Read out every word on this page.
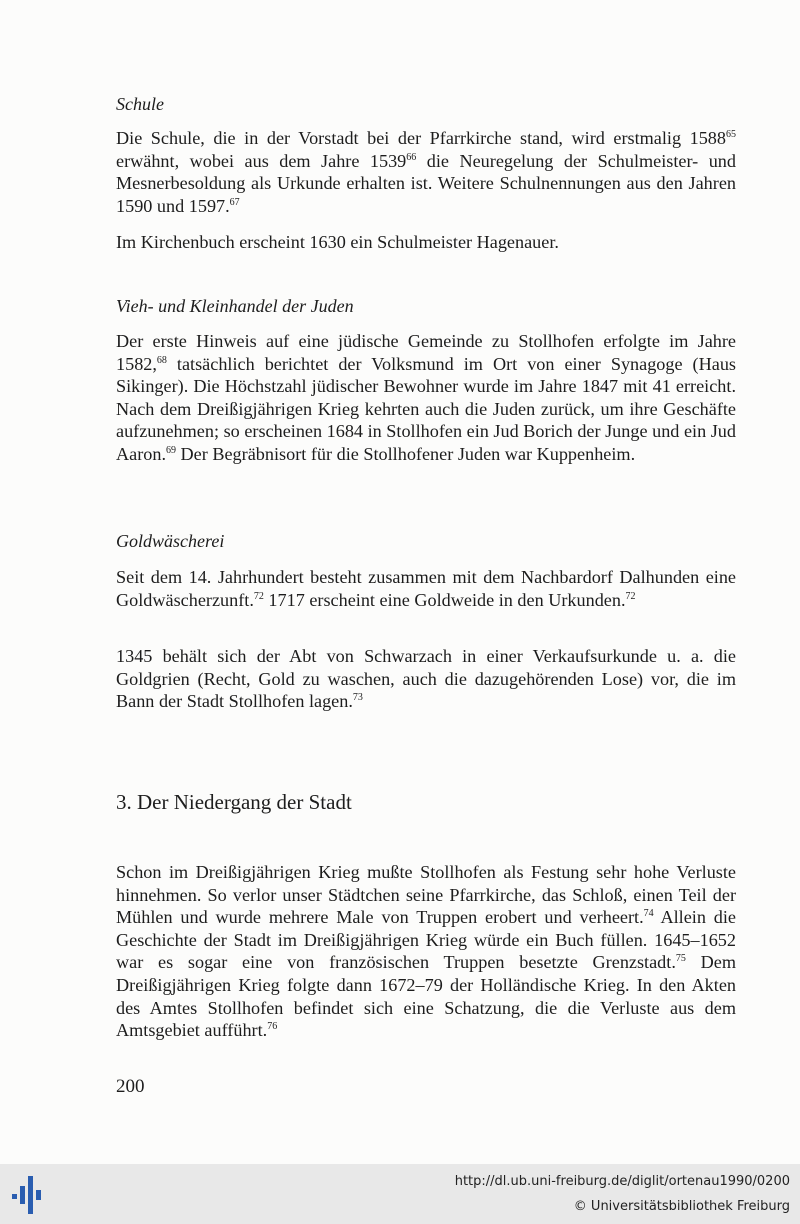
Schule

Die Schule, die in der Vorstadt bei der Pfarrkirche stand, wird erstmalig 1588$^{65}$ erwähnt, wobei aus dem Jahre 1539$^{66}$ die Neuregelung der Schulmeister- und Mesnerbesoldung als Urkunde erhalten ist. Weitere Schulnennungen aus den Jahren 1590 und 1597.67

Im Kirchenbuch erscheint 1630 ein Schulmeister Hagenauer.

Vieh- und Kleinhandel der Juden

Der erste Hinweis auf eine jüdische Gemeinde zu Stollhofen erfolgte im Jahre 1582,68 tatsächlich berichtet der Volksmund im Ort von einer Synagoge (Haus Sikinger). Die Höchstzahl jüdischer Bewohner wurde im Jahre 1847 mit 41 erreicht. Nach dem Dreißigjährigen Krieg kehrten auch die Juden zurück, um ihre Geschäfte aufzunehmen; so erscheinen 1684 in Stollhofen ein Jud Borich der Junge und ein Jud Aaron.$^{69}$ Der Begräbnisort für die Stollhofener Juden war Kuppenheim.

Goldwäscherei

Seit dem 14. Jahrhundert besteht zusammen mit dem Nachbardorf Dalhunden eine Goldwäscherzunft.$^{72}$ 1717 erscheint eine Goldweide in den Urkunden.$^{72}$

1345 behält sich der Abt von Schwarzach in einer Verkaufsurkunde u. a. die Goldgrien (Recht, Gold zu waschen, auch die dazugehörenden Lose) vor, die im Bann der Stadt Stollhofen lagen.$^{73}$

3. Der Niedergang der Stadt

Schon im Dreißigjährigen Krieg mußte Stollhofen als Festung sehr hohe Verluste hinnehmen. So verlor unser Städtchen seine Pfarrkirche, das Schloß, einen Teil der Mühlen und wurde mehrere Male von Truppen erobert und verheert.$^{74}$ Allein die Geschichte der Stadt im Dreißigjährigen Krieg würde ein Buch füllen. 1645–1652 war es sogar eine von französischen Truppen besetzte Grenzstadt.$^{75}$ Dem Dreißigjährigen Krieg folgte dann 1672–79 der Holländische Krieg. In den Akten des Amtes Stollhofen befindet sich eine Schatzung, die die Verluste aus dem Amtsgebiet aufführt.$^{76}$

200

http://dl.ub.uni-freiburg.de/diglit/ortenau1990/0200

© Universitätsbibliothek Freiburg
